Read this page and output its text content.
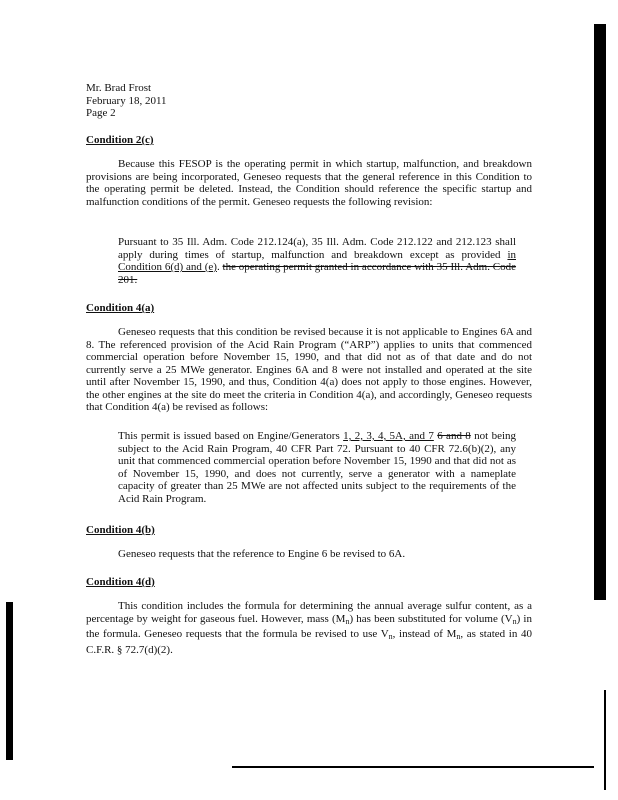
Mr. Brad Frost
February 18, 2011
Page 2
Condition 2(c)
Because this FESOP is the operating permit in which startup, malfunction, and breakdown provisions are being incorporated, Geneseo requests that the general reference in this Condition to the operating permit be deleted. Instead, the Condition should reference the specific startup and malfunction conditions of the permit. Geneseo requests the following revision:
Pursuant to 35 Ill. Adm. Code 212.124(a), 35 Ill. Adm. Code 212.122 and 212.123 shall apply during times of startup, malfunction and breakdown except as provided in Condition 6(d) and (e). the operating permit granted in accordance with 35 Ill. Adm. Code 201.
Condition 4(a)
Geneseo requests that this condition be revised because it is not applicable to Engines 6A and 8. The referenced provision of the Acid Rain Program (“ARP”) applies to units that commenced commercial operation before November 15, 1990, and that did not as of that date and do not currently serve a 25 MWe generator. Engines 6A and 8 were not installed and operated at the site until after November 15, 1990, and thus, Condition 4(a) does not apply to those engines. However, the other engines at the site do meet the criteria in Condition 4(a), and accordingly, Geneseo requests that Condition 4(a) be revised as follows:
This permit is issued based on Engine/Generators 1, 2, 3, 4, 5A, and 7 6 and 8 not being subject to the Acid Rain Program, 40 CFR Part 72. Pursuant to 40 CFR 72.6(b)(2), any unit that commenced commercial operation before November 15, 1990 and that did not as of November 15, 1990, and does not currently, serve a generator with a nameplate capacity of greater than 25 MWe are not affected units subject to the requirements of the Acid Rain Program.
Condition 4(b)
Geneseo requests that the reference to Engine 6 be revised to 6A.
Condition 4(d)
This condition includes the formula for determining the annual average sulfur content, as a percentage by weight for gaseous fuel. However, mass $(M_n)$ has been substituted for volume $(V_n)$ in the formula. Geneseo requests that the formula be revised to use $V_n$, instead of $M_n$, as stated in 40 C.F.R. § 72.7(d)(2).
